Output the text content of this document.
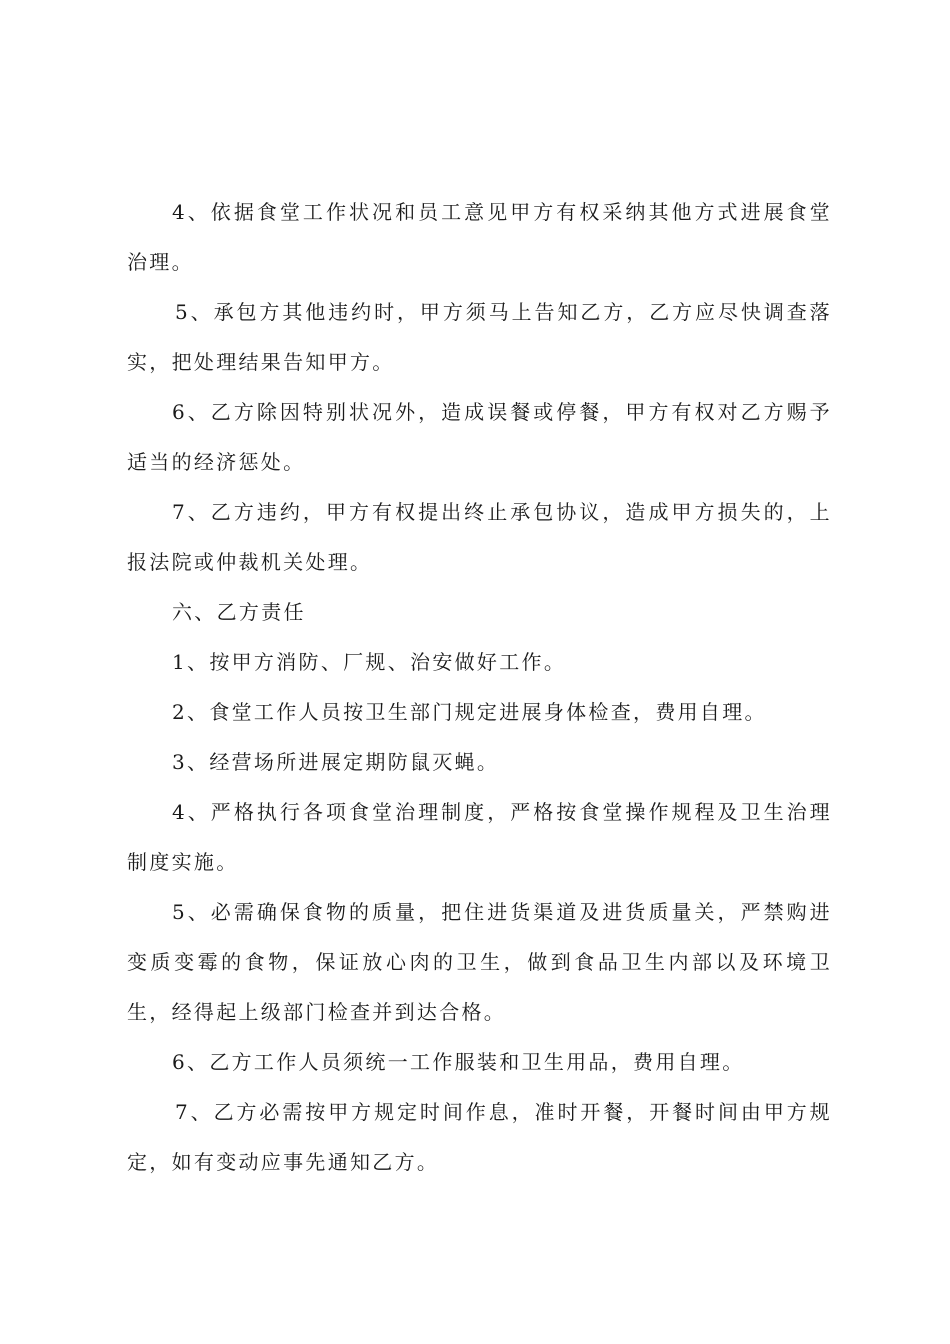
4、依据食堂工作状况和员工意见甲方有权采纳其他方式进展食堂治理。

5、承包方其他违约时，甲方须马上告知乙方，乙方应尽快调查落实，把处理结果告知甲方。

6、乙方除因特别状况外，造成误餐或停餐，甲方有权对乙方赐予适当的经济惩处。

7、乙方违约，甲方有权提出终止承包协议，造成甲方损失的，上报法院或仲裁机关处理。

六、乙方责任

1、按甲方消防、厂规、治安做好工作。

2、食堂工作人员按卫生部门规定进展身体检查，费用自理。

3、经营场所进展定期防鼠灭蝇。

4、严格执行各项食堂治理制度，严格按食堂操作规程及卫生治理制度实施。

5、必需确保食物的质量，把住进货渠道及进货质量关，严禁购进变质变霉的食物，保证放心肉的卫生，做到食品卫生内部以及环境卫生，经得起上级部门检查并到达合格。

6、乙方工作人员须统一工作服装和卫生用品，费用自理。

7、乙方必需按甲方规定时间作息，准时开餐，开餐时间由甲方规定，如有变动应事先通知乙方。
